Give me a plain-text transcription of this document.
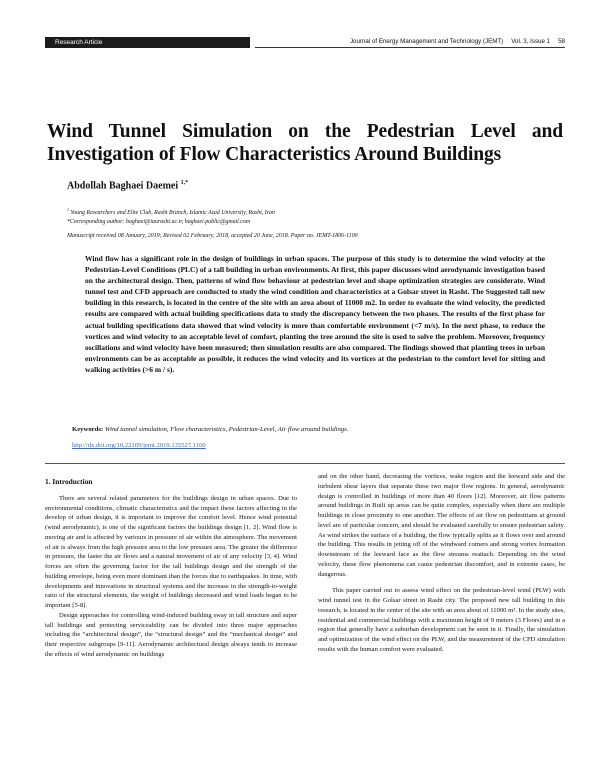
Research Article	Journal of Energy Management and Technology (JEMT) Vol. 3, Issue 1 58
Wind Tunnel Simulation on the Pedestrian Level and Investigation of Flow Characteristics Around Buildings
Abdollah Baghaei Daemei $^{1,*}$
$^1$ Young Researchers and Elite Club, Rasht Branch, Islamic Azad University, Rasht, Iran
*Corresponding author: baghaei@iaurasht.ac.ir, baghaei.public@gmail.com
Manuscript received 08 January, 2019; Revised 02 February, 2018, accepted 20 June, 2018. Paper no. JEMT-1806-1100

Wind flow has a significant role in the design of buildings in urban spaces. The purpose of this study is to determine the wind velocity at the Pedestrian-Level Conditions (PLC) of a tall building in urban environments. At first, this paper discusses wind aerodynamic investigation based on the architectural design. Then, patterns of wind flow behaviour at pedestrian level and shape optimization strategies are considerate. Wind tunnel test and CFD approach are conducted to study the wind condition and characteristics at a Golsar street in Rasht. The Suggested tall new building in this research, is located in the centre of the site with an area about of 11000 m2. In order to evaluate the wind velocity, the predicted results are compared with actual building specifications data to study the discrepancy between the two phases. The results of the first phase for actual building specifications data showed that wind velocity is more than comfortable environment (<7 m/s). In the next phase, to reduce the vortices and wind velocity to an acceptable level of comfort, planting the tree around the site is used to solve the problem. Moreover, frequency oscillations and wind velocity have been measured; then simulation results are also compared. The findings showed that planting trees in urban environments can be as acceptable as possible, it reduces the wind velocity and its vortices at the pedestrian to the comfort level for sitting and walking activities (>6 m / s).

Keywords: Wind tunnel simulation, Flow characteristics, Pedestrian-Level, Air flow around buildings.
http://dx.doi.org/10.22109/jemt.2019.135527.1100
1. Introduction

There are several related parameters for the buildings design in urban spaces. Due to environmental conditions, climatic characteristics and the impact these factors affecting in the develop of urban design, it is important to improve the comfort level. Hence wind potential (wind aerodynamic), is one of the significant factors the buildings design [1, 2]. Wind flow is moving air and is affected by variours in pressure of air within the atmosphere. The movement of air is always from the high pressure area to the low pressure area. The greater the difference in pressure, the faster the air flows and a natural movement of air of any velocity [3, 4]. Wind forces are often the governing factor for the tall buildings design and the strength of the building envelope, being even more dominant than the forces due to earthquakes. In time, with developments and innovations in structural systems and the increase in the strength-to-weight ratio of the structural elements, the weight of buildings decreased and wind loads began to be important [5-8].

Design approaches for controlling wind-induced building sway in tall structure and super tall buildings and protecting serviceability can be divided into three major approaches including the “architectural design”, the “structural design” and the “mechanical design” and their respective subgroups [9-11]. Aerodynamic architectural design always tends to increase the effects of wind aerodynamic on buildings

and on the other hand, decreasing the vortices, wake region and the leeward side and the turbulent shear layers that separate these two major flow regions. In general, aerodynamic design is controlled in buildings of more than 40 floors [12]. Moreover, air flow patterns around buildings in Built up areas can be quite complex, especially when there are multiple buildings in close proximity to one another. The effects of air flow on pedestrians at ground level are of particular concern, and should be evaluated carefully to ensure pedestrian safety. As wind strikes the surface of a building, the flow typically splits as it flows over and around the building. This results in jetting off of the windward corners and strong vortex formation downstream of the leeward face as the flow streams reattach. Depending on the wind velocity, these flow phenomena can cause pedestrian discomfort, and in extreme cases, be dangerous.

This paper carried out to assess wind effect on the pedestrian-level wind (PLW) with wind tunnel test in the Golsar street in Rasht city. The proposed new tall building in this research, is located in the center of the site with an area about of 11000 m². In the study sites, residential and commercial buildings with a maximum height of 9 meters (3 Floors) and in a region that generally have a suburban development can be seen in it. Finally, the simulation and optimization of the wind effect on the PLW, and the measurement of the CFD simulation results with the human comfort were evaluated.
